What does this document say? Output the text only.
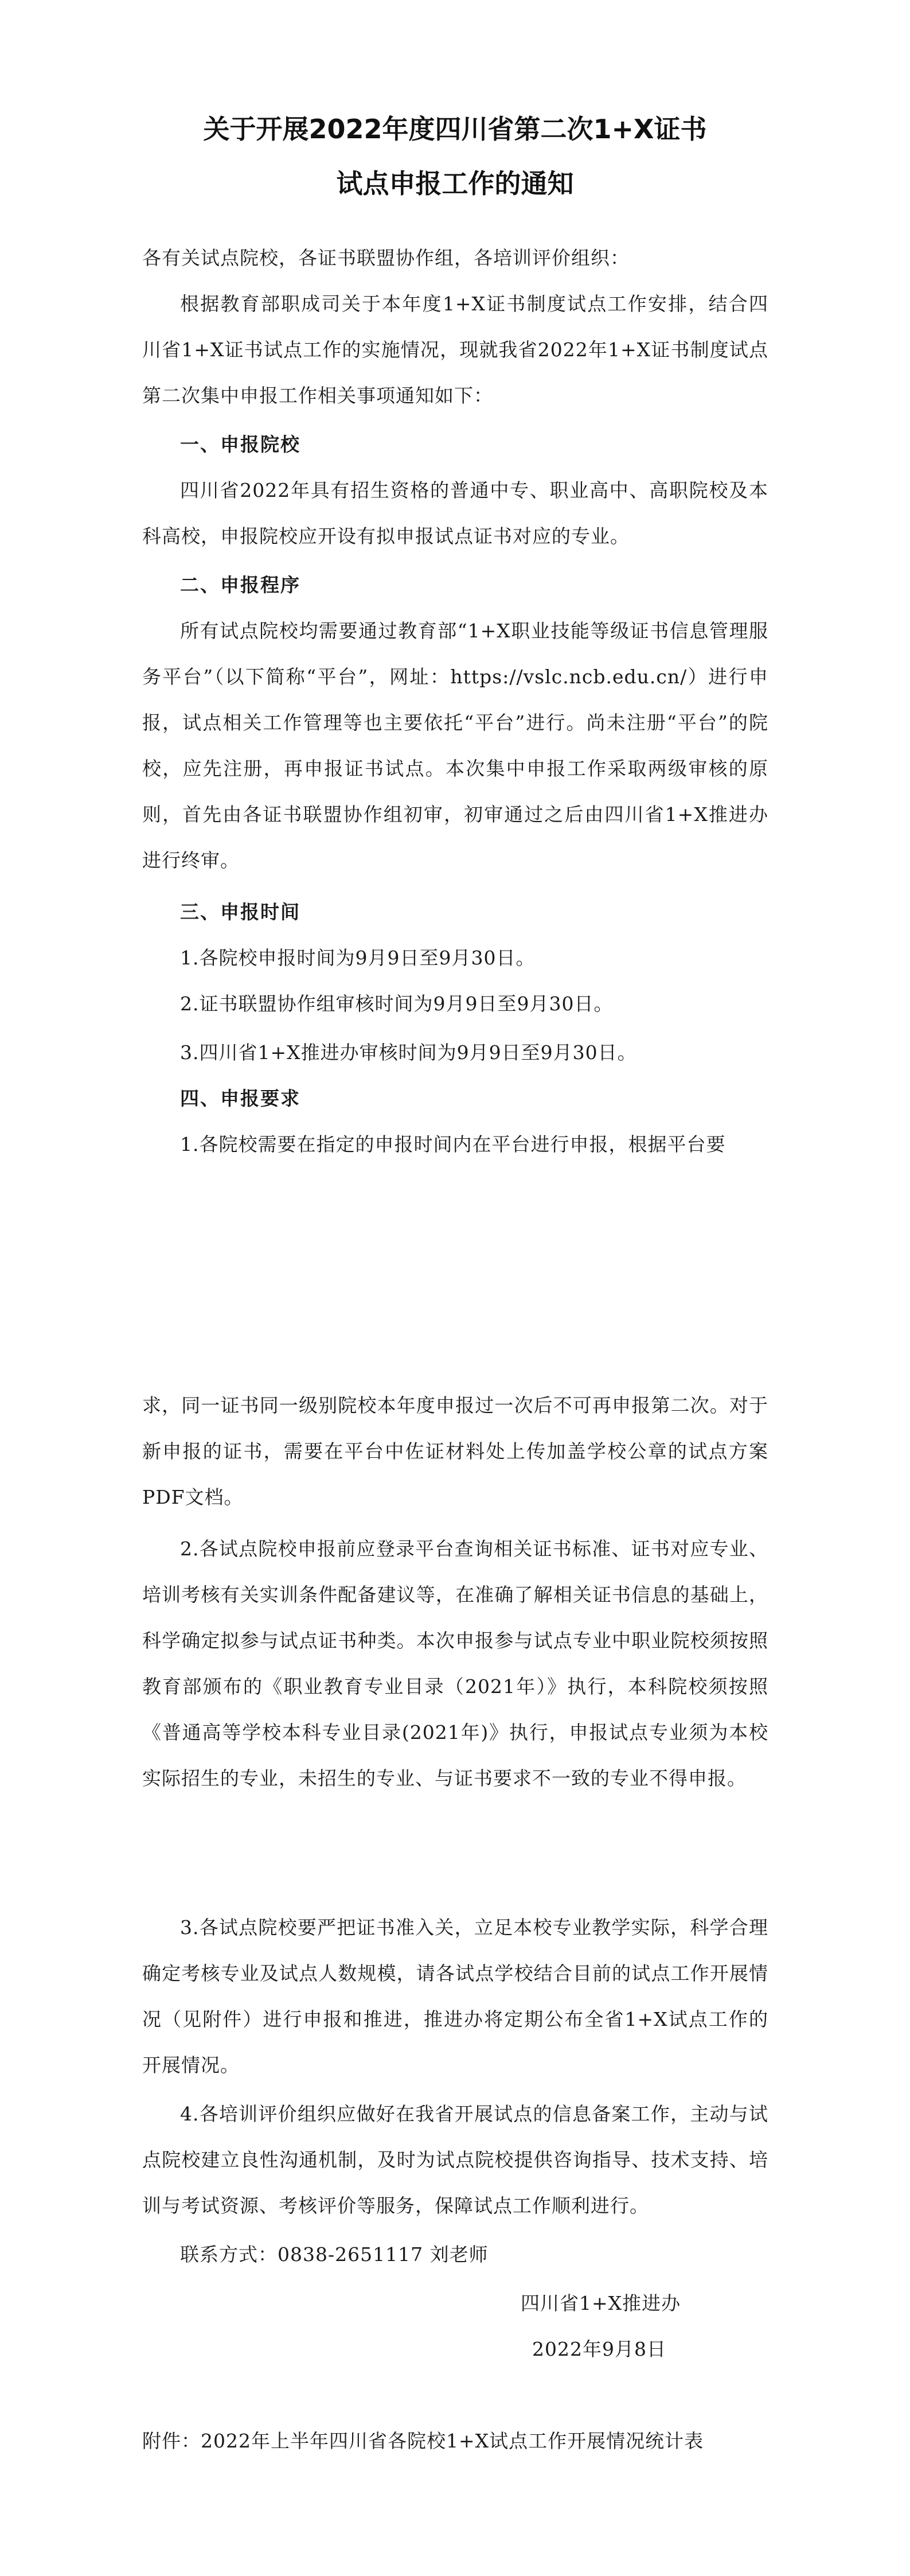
关于开展2022年度四川省第二次1+X证书
试点申报工作的通知

各有关试点院校，各证书联盟协作组，各培训评价组织：

根据教育部职成司关于本年度1+X证书制度试点工作安排，结合四川省1+X证书试点工作的实施情况，现就我省2022年1+X证书制度试点第二次集中申报工作相关事项通知如下：

一、申报院校

四川省2022年具有招生资格的普通中专、职业高中、高职院校及本科高校，申报院校应开设有拟申报试点证书对应的专业。

二、申报程序

所有试点院校均需要通过教育部“1+X职业技能等级证书信息管理服务平台”（以下简称“平台”，网址：https://vslc.ncb.edu.cn/）进行申报，试点相关工作管理等也主要依托“平台”进行。尚未注册“平台”的院校，应先注册，再申报证书试点。本次集中申报工作采取两级审核的原则，首先由各证书联盟协作组初审，初审通过之后由四川省1+X推进办进行终审。

三、申报时间

1.各院校申报时间为9月9日至9月30日。

2.证书联盟协作组审核时间为9月9日至9月30日。

3.四川省1+X推进办审核时间为9月9日至9月30日。

四、申报要求

1.各院校需要在指定的申报时间内在平台进行申报，根据平台要

求，同一证书同一级别院校本年度申报过一次后不可再申报第二次。对于新申报的证书，需要在平台中佐证材料处上传加盖学校公章的试点方案PDF文档。

2.各试点院校申报前应登录平台查询相关证书标准、证书对应专业、培训考核有关实训条件配备建议等，在准确了解相关证书信息的基础上，科学确定拟参与试点证书种类。本次申报参与试点专业中职业院校须按照教育部颁布的《职业教育专业目录（2021年）》执行，本科院校须按照《普通高等学校本科专业目录(2021年)》执行，申报试点专业须为本校实际招生的专业，未招生的专业、与证书要求不一致的专业不得申报。

3.各试点院校要严把证书准入关，立足本校专业教学实际，科学合理确定考核专业及试点人数规模，请各试点学校结合目前的试点工作开展情况（见附件）进行申报和推进，推进办将定期公布全省1+X试点工作的开展情况。

4.各培训评价组织应做好在我省开展试点的信息备案工作，主动与试点院校建立良性沟通机制，及时为试点院校提供咨询指导、技术支持、培训与考试资源、考核评价等服务，保障试点工作顺利进行。

联系方式：0838-2651117 刘老师

四川省1+X推进办

2022年9月8日

附件：2022年上半年四川省各院校1+X试点工作开展情况统计表
